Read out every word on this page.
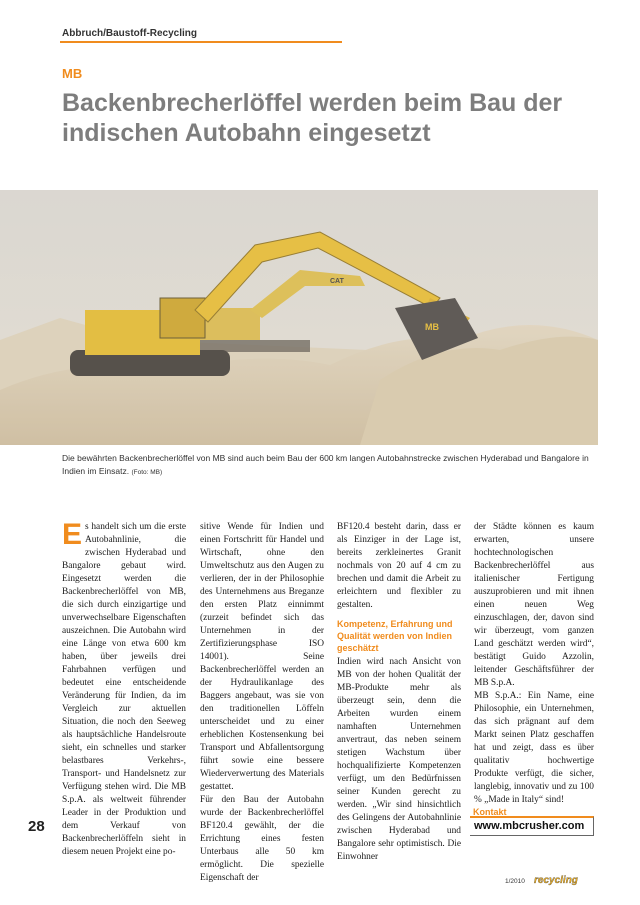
Abbruch/Baustoff-Recycling
MB
Backenbrecherlöffel werden beim Bau der indischen Autobahn eingesetzt
CAT
MB
Die bewährten Backenbrecherlöffel von MB sind auch beim Bau der 600 km langen Autobahnstrecke zwischen Hyderabad und Bangalore in Indien im Einsatz. (Foto: MB)

Es handelt sich um die erste Autobahnlinie, die zwischen Hyderabad und Bangalore gebaut wird. Eingesetzt werden die Backenbrecherlöffel von MB, die sich durch einzigartige und unverwechselbare Eigenschaften auszeichnen. Die Autobahn wird eine Länge von etwa 600 km haben, über jeweils drei Fahrbahnen verfügen und bedeutet eine entscheidende Veränderung für Indien, da im Vergleich zur aktuellen Situation, die noch den Seeweg als hauptsächliche Handelsroute sieht, ein schnelles und starker belastbares Verkehrs-, Transport- und Handelsnetz zur Verfügung stehen wird. Die MB S.p.A. als weltweit führender Leader in der Produktion und dem Verkauf von Backenbrecherlöffeln sieht in diesem neuen Projekt eine po-

sitive Wende für Indien und einen Fortschritt für Handel und Wirtschaft, ohne den Umweltschutz aus den Augen zu verlieren, der in der Philosophie des Unternehmens aus Breganze den ersten Platz einnimmt (zurzeit befindet sich das Unternehmen in der Zertifizierungsphase ISO 14001). Seine Backenbrecherlöffel werden an der Hydraulikanlage des Baggers angebaut, was sie von den traditionellen Löffeln unterscheidet und zu einer erheblichen Kostensenkung bei Transport und Abfallentsorgung führt sowie eine bessere Wiederverwertung des Materials gestattet.

Für den Bau der Autobahn wurde der Backenbrecherlöffel BF120.4 gewählt, der die Errichtung eines festen Unterbaus alle 50 km ermöglicht. Die spezielle Eigenschaft der

BF120.4 besteht darin, dass er als Einziger in der Lage ist, bereits zerkleinertes Granit nochmals von 20 auf 4 cm zu brechen und damit die Arbeit zu erleichtern und flexibler zu gestalten.

Kompetenz, Erfahrung und Qualität werden von Indien geschätzt

Indien wird nach Ansicht von MB von der hohen Qualität der MB-Produkte mehr als überzeugt sein, denn die Arbeiten wurden einem namhaften Unternehmen anvertraut, das neben seinem stetigen Wachstum über hochqualifizierte Kompetenzen verfügt, um den Bedürfnissen seiner Kunden gerecht zu werden. „Wir sind hinsichtlich des Gelingens der Autobahnlinie zwischen Hyderabad und Bangalore sehr optimistisch. Die Einwohner

der Städte können es kaum erwarten, unsere hochtechnologischen Backenbrecherlöffel aus italienischer Fertigung auszuprobieren und mit ihnen einen neuen Weg einzuschlagen, der, davon sind wir überzeugt, vom ganzen Land geschätzt werden wird“, bestätigt Guido Azzolin, leitender Geschäftsführer der MB S.p.A.

MB S.p.A.: Ein Name, eine Philosophie, ein Unternehmen, das sich prägnant auf dem Markt seinen Platz geschaffen hat und zeigt, dass es über qualitativ hochwertige Produkte verfügt, die sicher, langlebig, innovativ und zu 100 % „Made in Italy“ sind!

28
Kontakt
www.mbcrusher.com
1/2010 recycling
